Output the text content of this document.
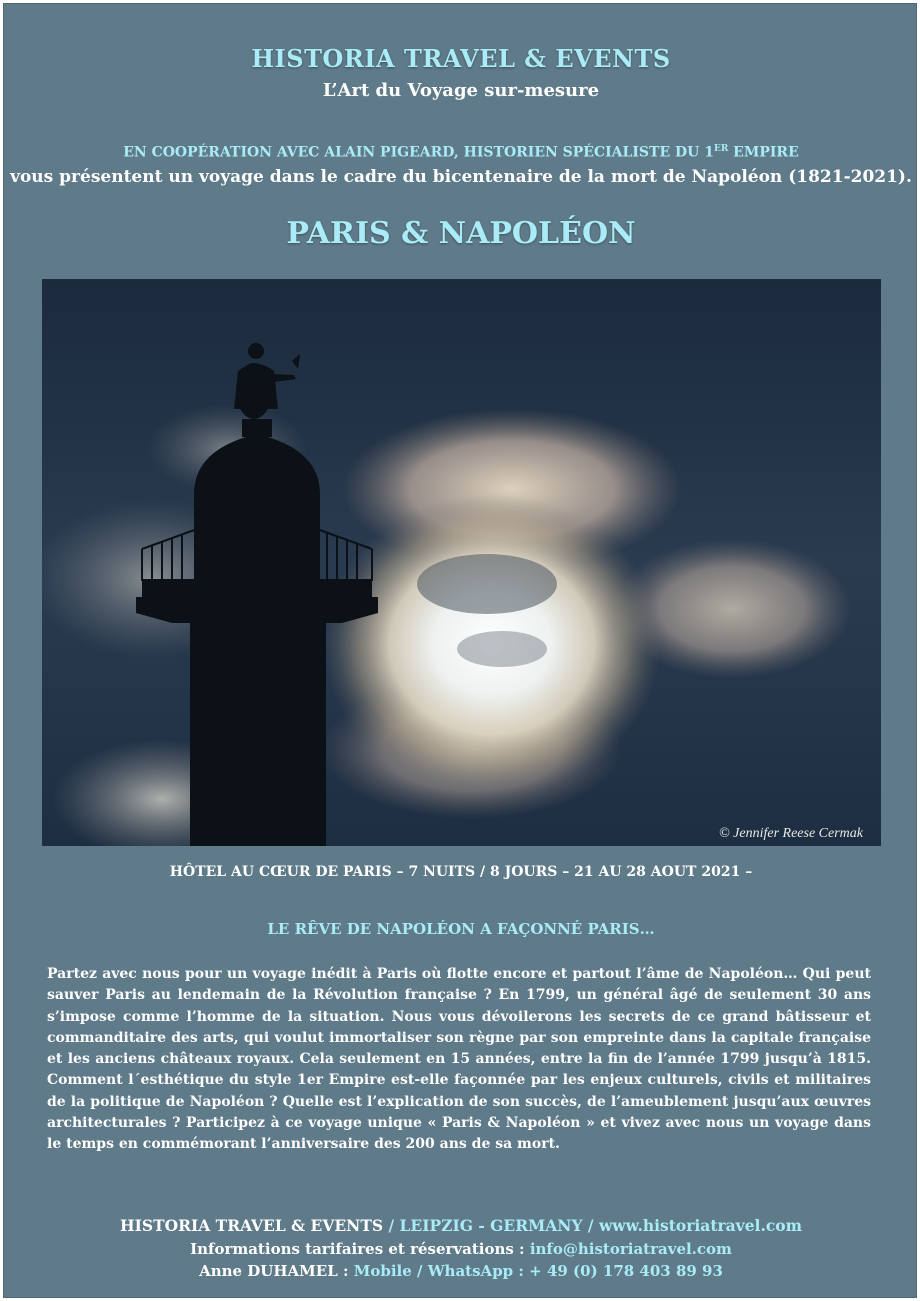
HISTORIA TRAVEL & EVENTS
L’Art du Voyage sur-mesure
EN COOPÉRATION AVEC ALAIN PIGEARD, HISTORIEN SPÉCIALISTE DU 1ER EMPIRE
vous présentent un voyage dans le cadre du bicentenaire de la mort de Napoléon (1821-2021).
PARIS & NAPOLÉON
© Jennifer Reese Cermak
HÔTEL AU CŒUR DE PARIS – 7 NUITS / 8 JOURS – 21 AU 28 AOUT 2021 –
LE RÊVE DE NAPOLÉON A FAÇONNÉ PARIS…
Partez avec nous pour un voyage inédit à Paris où flotte encore et partout l’âme de Napoléon… Qui peut sauver Paris au lendemain de la Révolution française ? En 1799, un général âgé de seulement 30 ans s’impose comme l’homme de la situation. Nous vous dévoilerons les secrets de ce grand bâtisseur et commanditaire des arts, qui voulut immortaliser son règne par son empreinte dans la capitale française et les anciens châteaux royaux. Cela seulement en 15 années, entre la fin de l’année 1799 jusqu’à 1815. Comment l´esthétique du style 1er Empire est-elle façonnée par les enjeux culturels, civils et militaires de la politique de Napoléon ? Quelle est l’explication de son succès, de l’ameublement jusqu’aux œuvres architecturales ? Participez à ce voyage unique « Paris & Napoléon » et vivez avec nous un voyage dans le temps en commémorant l’anniversaire des 200 ans de sa mort.
HISTORIA TRAVEL & EVENTS / LEIPZIG - GERMANY / www.historiatravel.com
Informations tarifaires et réservations : info@historiatravel.com
Anne DUHAMEL : Mobile / WhatsApp : + 49 (0) 178 403 89 93
